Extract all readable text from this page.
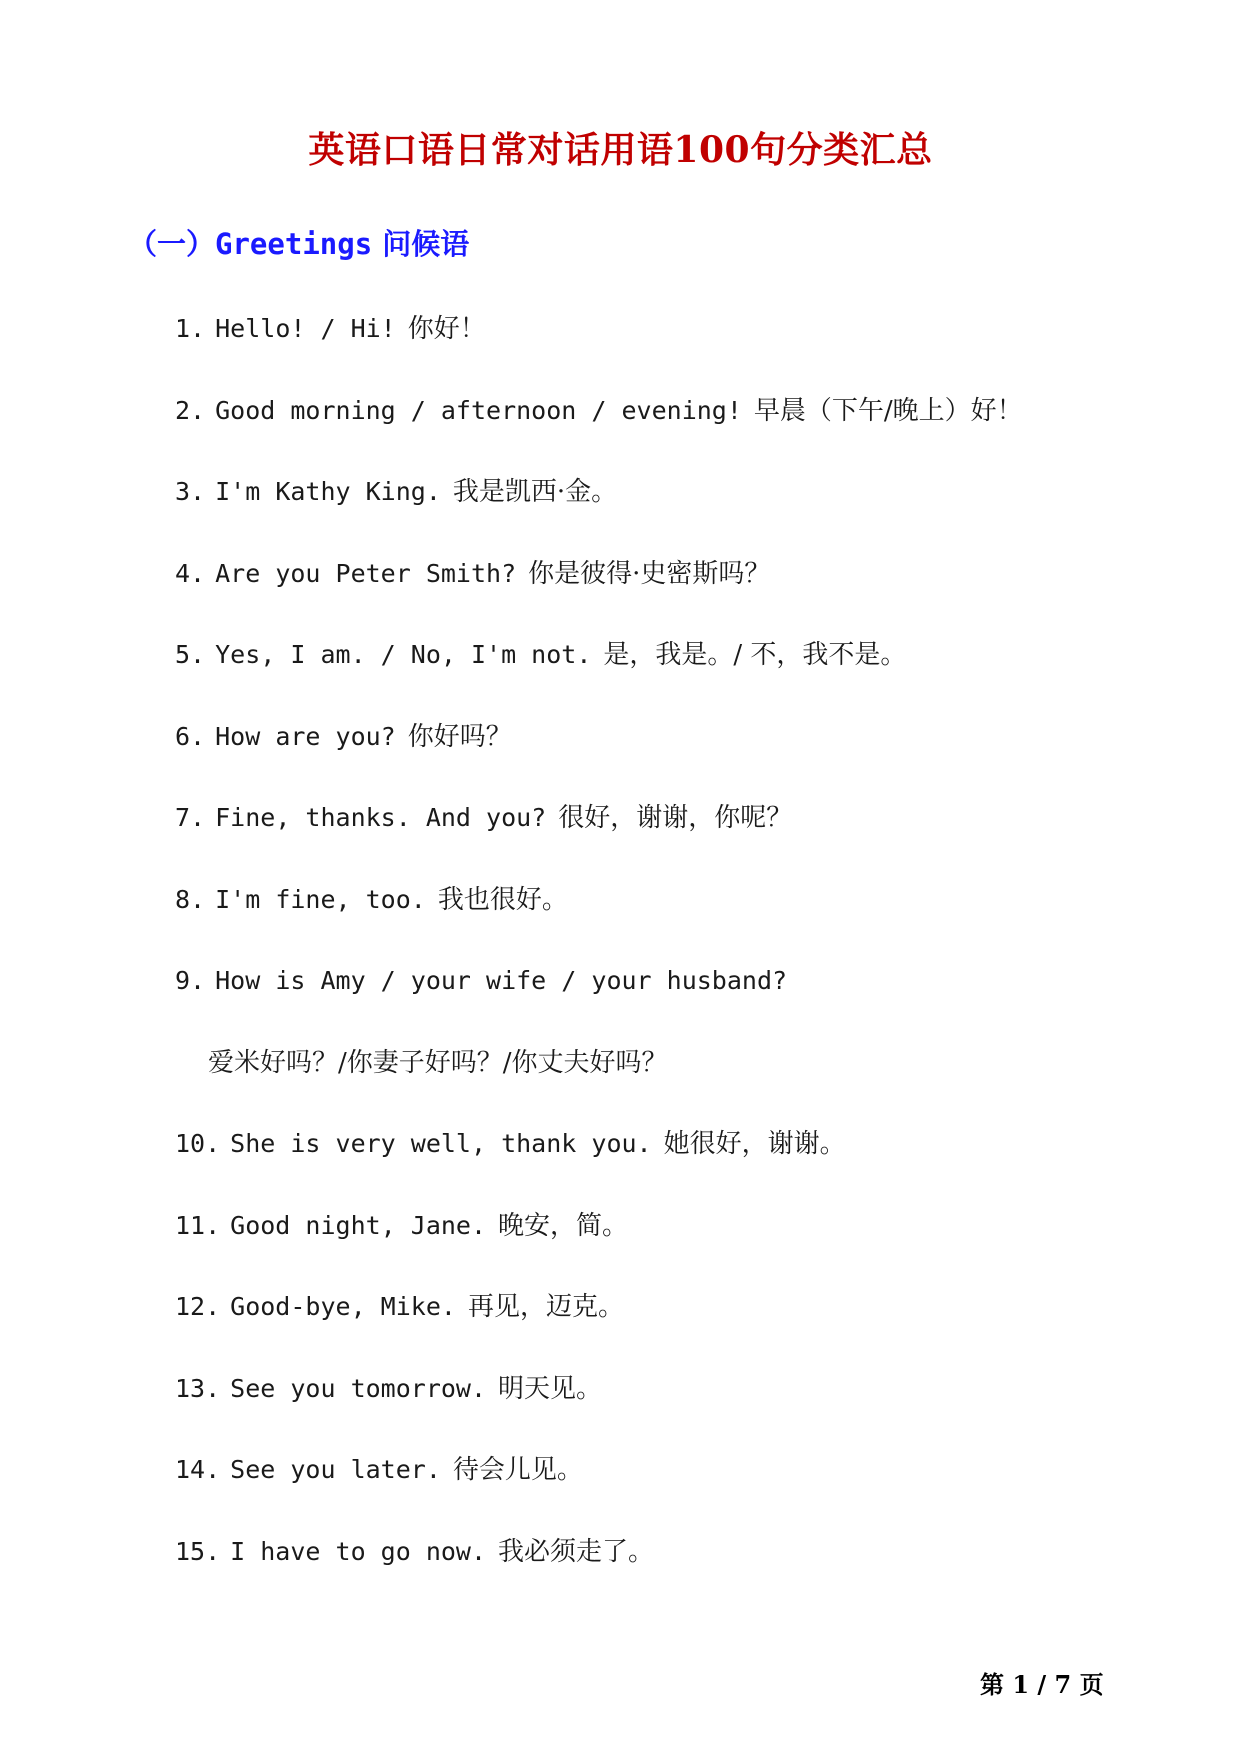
英语口语日常对话用语100句分类汇总
（一）Greetings 问候语
1. Hello! / Hi! 你好！
2. Good morning / afternoon / evening! 早晨（下午/晚上）好！
3. I'm Kathy King. 我是凯西·金。
4. Are you Peter Smith? 你是彼得·史密斯吗？
5. Yes, I am. / No, I'm not. 是，我是。/ 不，我不是。
6. How are you? 你好吗？
7. Fine, thanks. And you? 很好，谢谢，你呢？
8. I'm fine, too. 我也很好。
9. How is Amy / your wife / your husband?
爱米好吗？/你妻子好吗？/你丈夫好吗？
10. She is very well, thank you. 她很好，谢谢。
11. Good night, Jane. 晚安，简。
12. Good-bye, Mike. 再见，迈克。
13. See you tomorrow. 明天见。
14. See you later. 待会儿见。
15. I have to go now. 我必须走了。
第 1 / 7 页
